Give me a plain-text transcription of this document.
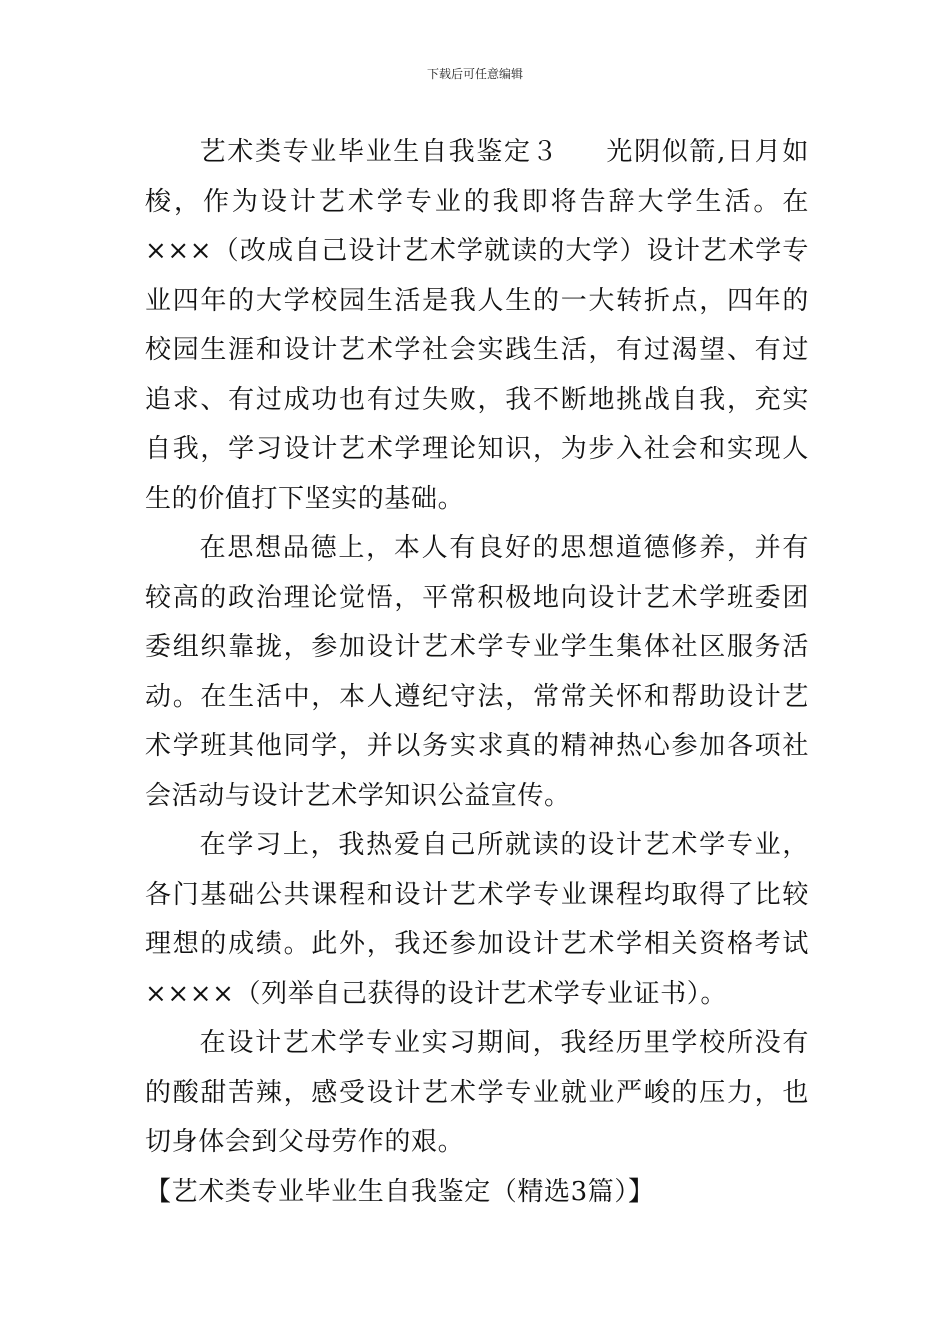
下载后可任意编辑

艺术类专业毕业生自我鉴定３ 光阴似箭,日月如梭，作为设计艺术学专业的我即将告辞大学生活。在×××（改成自己设计艺术学就读的大学）设计艺术学专业四年的大学校园生活是我人生的一大转折点，四年的校园生涯和设计艺术学社会实践生活，有过渴望、有过追求、有过成功也有过失败，我不断地挑战自我，充实自我，学习设计艺术学理论知识，为步入社会和实现人生的价值打下坚实的基础。

在思想品德上，本人有良好的思想道德修养，并有较高的政治理论觉悟，平常积极地向设计艺术学班委团委组织靠拢，参加设计艺术学专业学生集体社区服务活动。在生活中，本人遵纪守法，常常关怀和帮助设计艺术学班其他同学，并以务实求真的精神热心参加各项社会活动与设计艺术学知识公益宣传。

在学习上，我热爱自己所就读的设计艺术学专业，各门基础公共课程和设计艺术学专业课程均取得了比较理想的成绩。此外，我还参加设计艺术学相关资格考试××××（列举自己获得的设计艺术学专业证书）。

在设计艺术学专业实习期间，我经历里学校所没有的酸甜苦辣，感受设计艺术学专业就业严峻的压力，也切身体会到父母劳作的艰。

【艺术类专业毕业生自我鉴定（精选3篇）】
